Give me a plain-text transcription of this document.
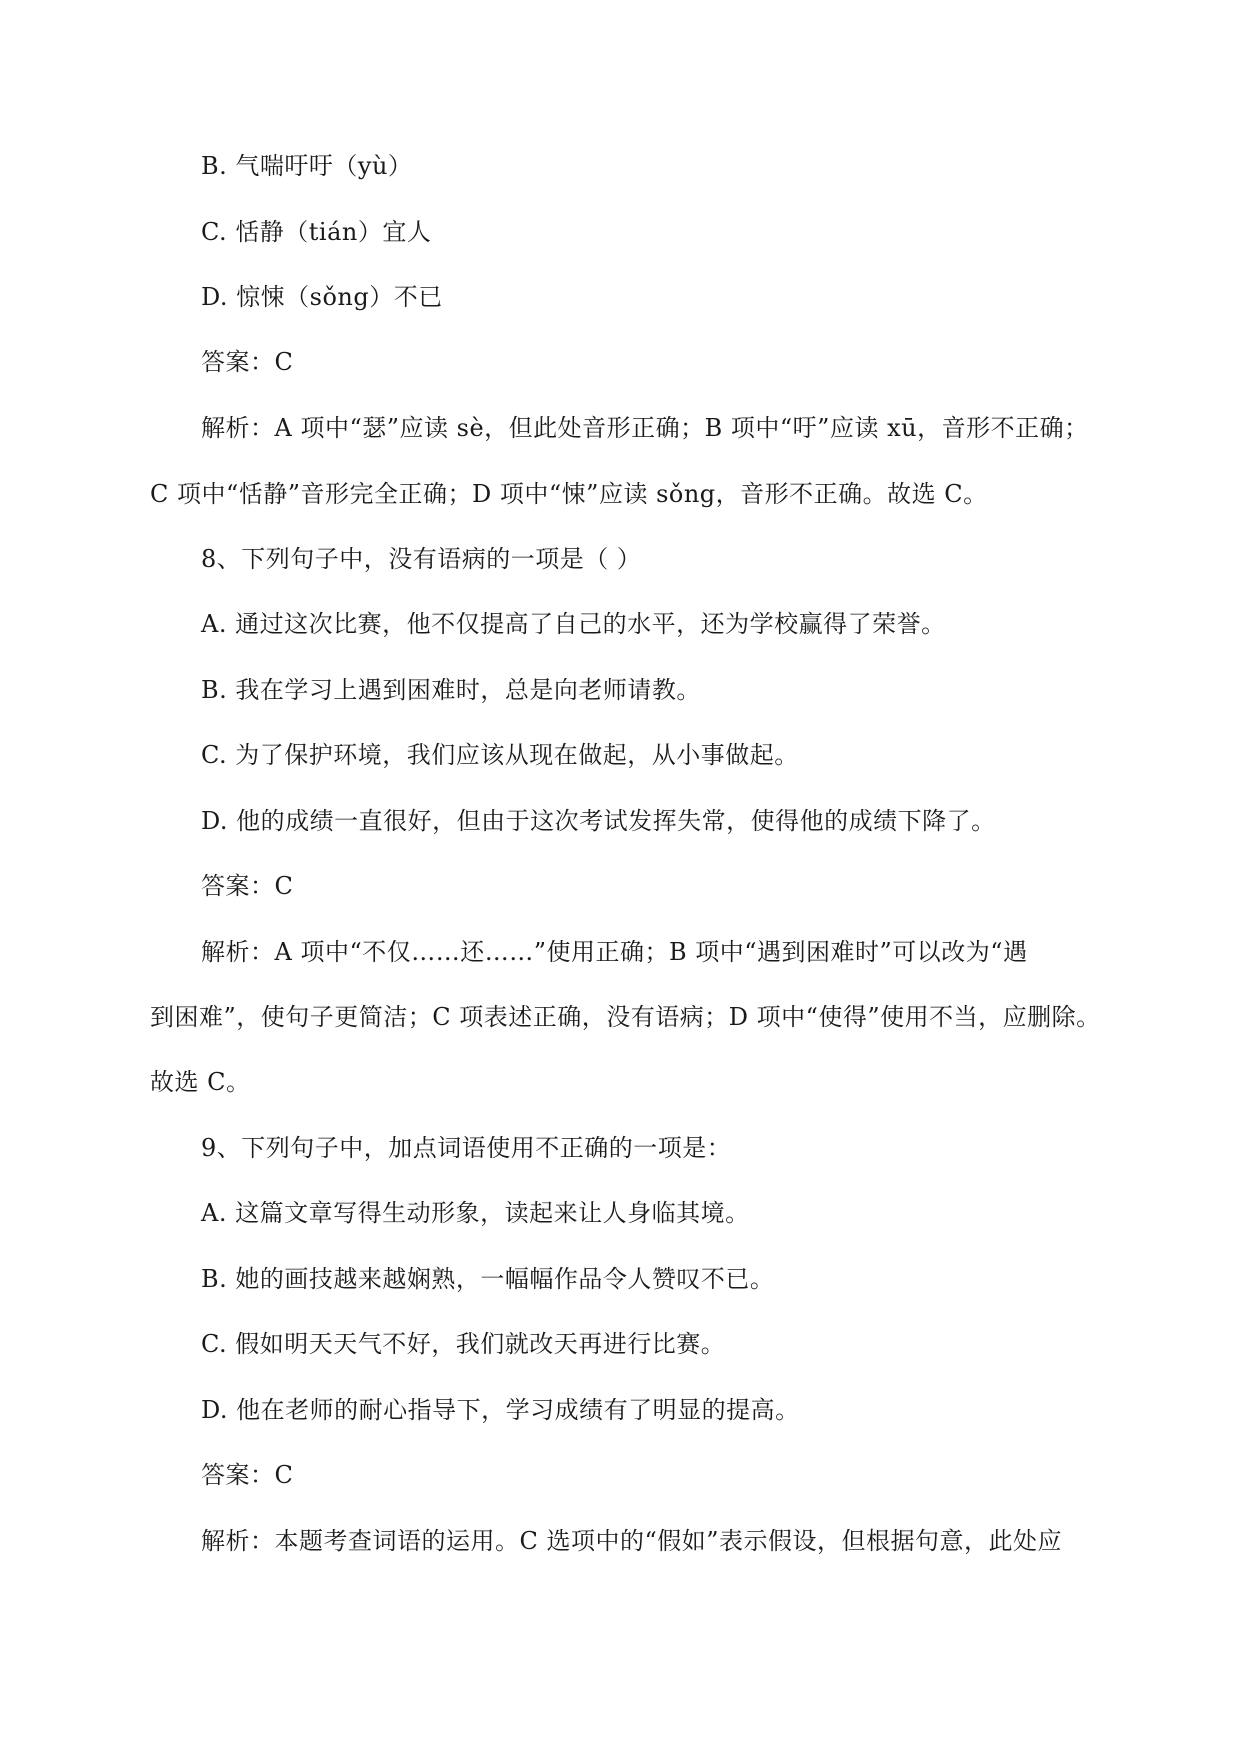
B. 气喘吁吁（yù）
C. 恬静（tián）宜人
D. 惊悚（sǒng）不已
答案：C
解析：A 项中“瑟”应读 sè，但此处音形正确；B 项中“吁”应读 xū，音形不正确；
C 项中“恬静”音形完全正确；D 项中“悚”应读 sǒng，音形不正确。故选 C。
8、下列句子中，没有语病的一项是（ ）
A. 通过这次比赛，他不仅提高了自己的水平，还为学校赢得了荣誉。
B. 我在学习上遇到困难时，总是向老师请教。
C. 为了保护环境，我们应该从现在做起，从小事做起。
D. 他的成绩一直很好，但由于这次考试发挥失常，使得他的成绩下降了。
答案：C
解析：A 项中“不仅……还……”使用正确；B 项中“遇到困难时”可以改为“遇
到困难”，使句子更简洁；C 项表述正确，没有语病；D 项中“使得”使用不当，应删除。
故选 C。
9、下列句子中，加点词语使用不正确的一项是：
A. 这篇文章写得生动形象，读起来让人身临其境。
B. 她的画技越来越娴熟，一幅幅作品令人赞叹不已。
C. 假如明天天气不好，我们就改天再进行比赛。
D. 他在老师的耐心指导下，学习成绩有了明显的提高。
答案：C
解析：本题考查词语的运用。C 选项中的“假如”表示假设，但根据句意，此处应
